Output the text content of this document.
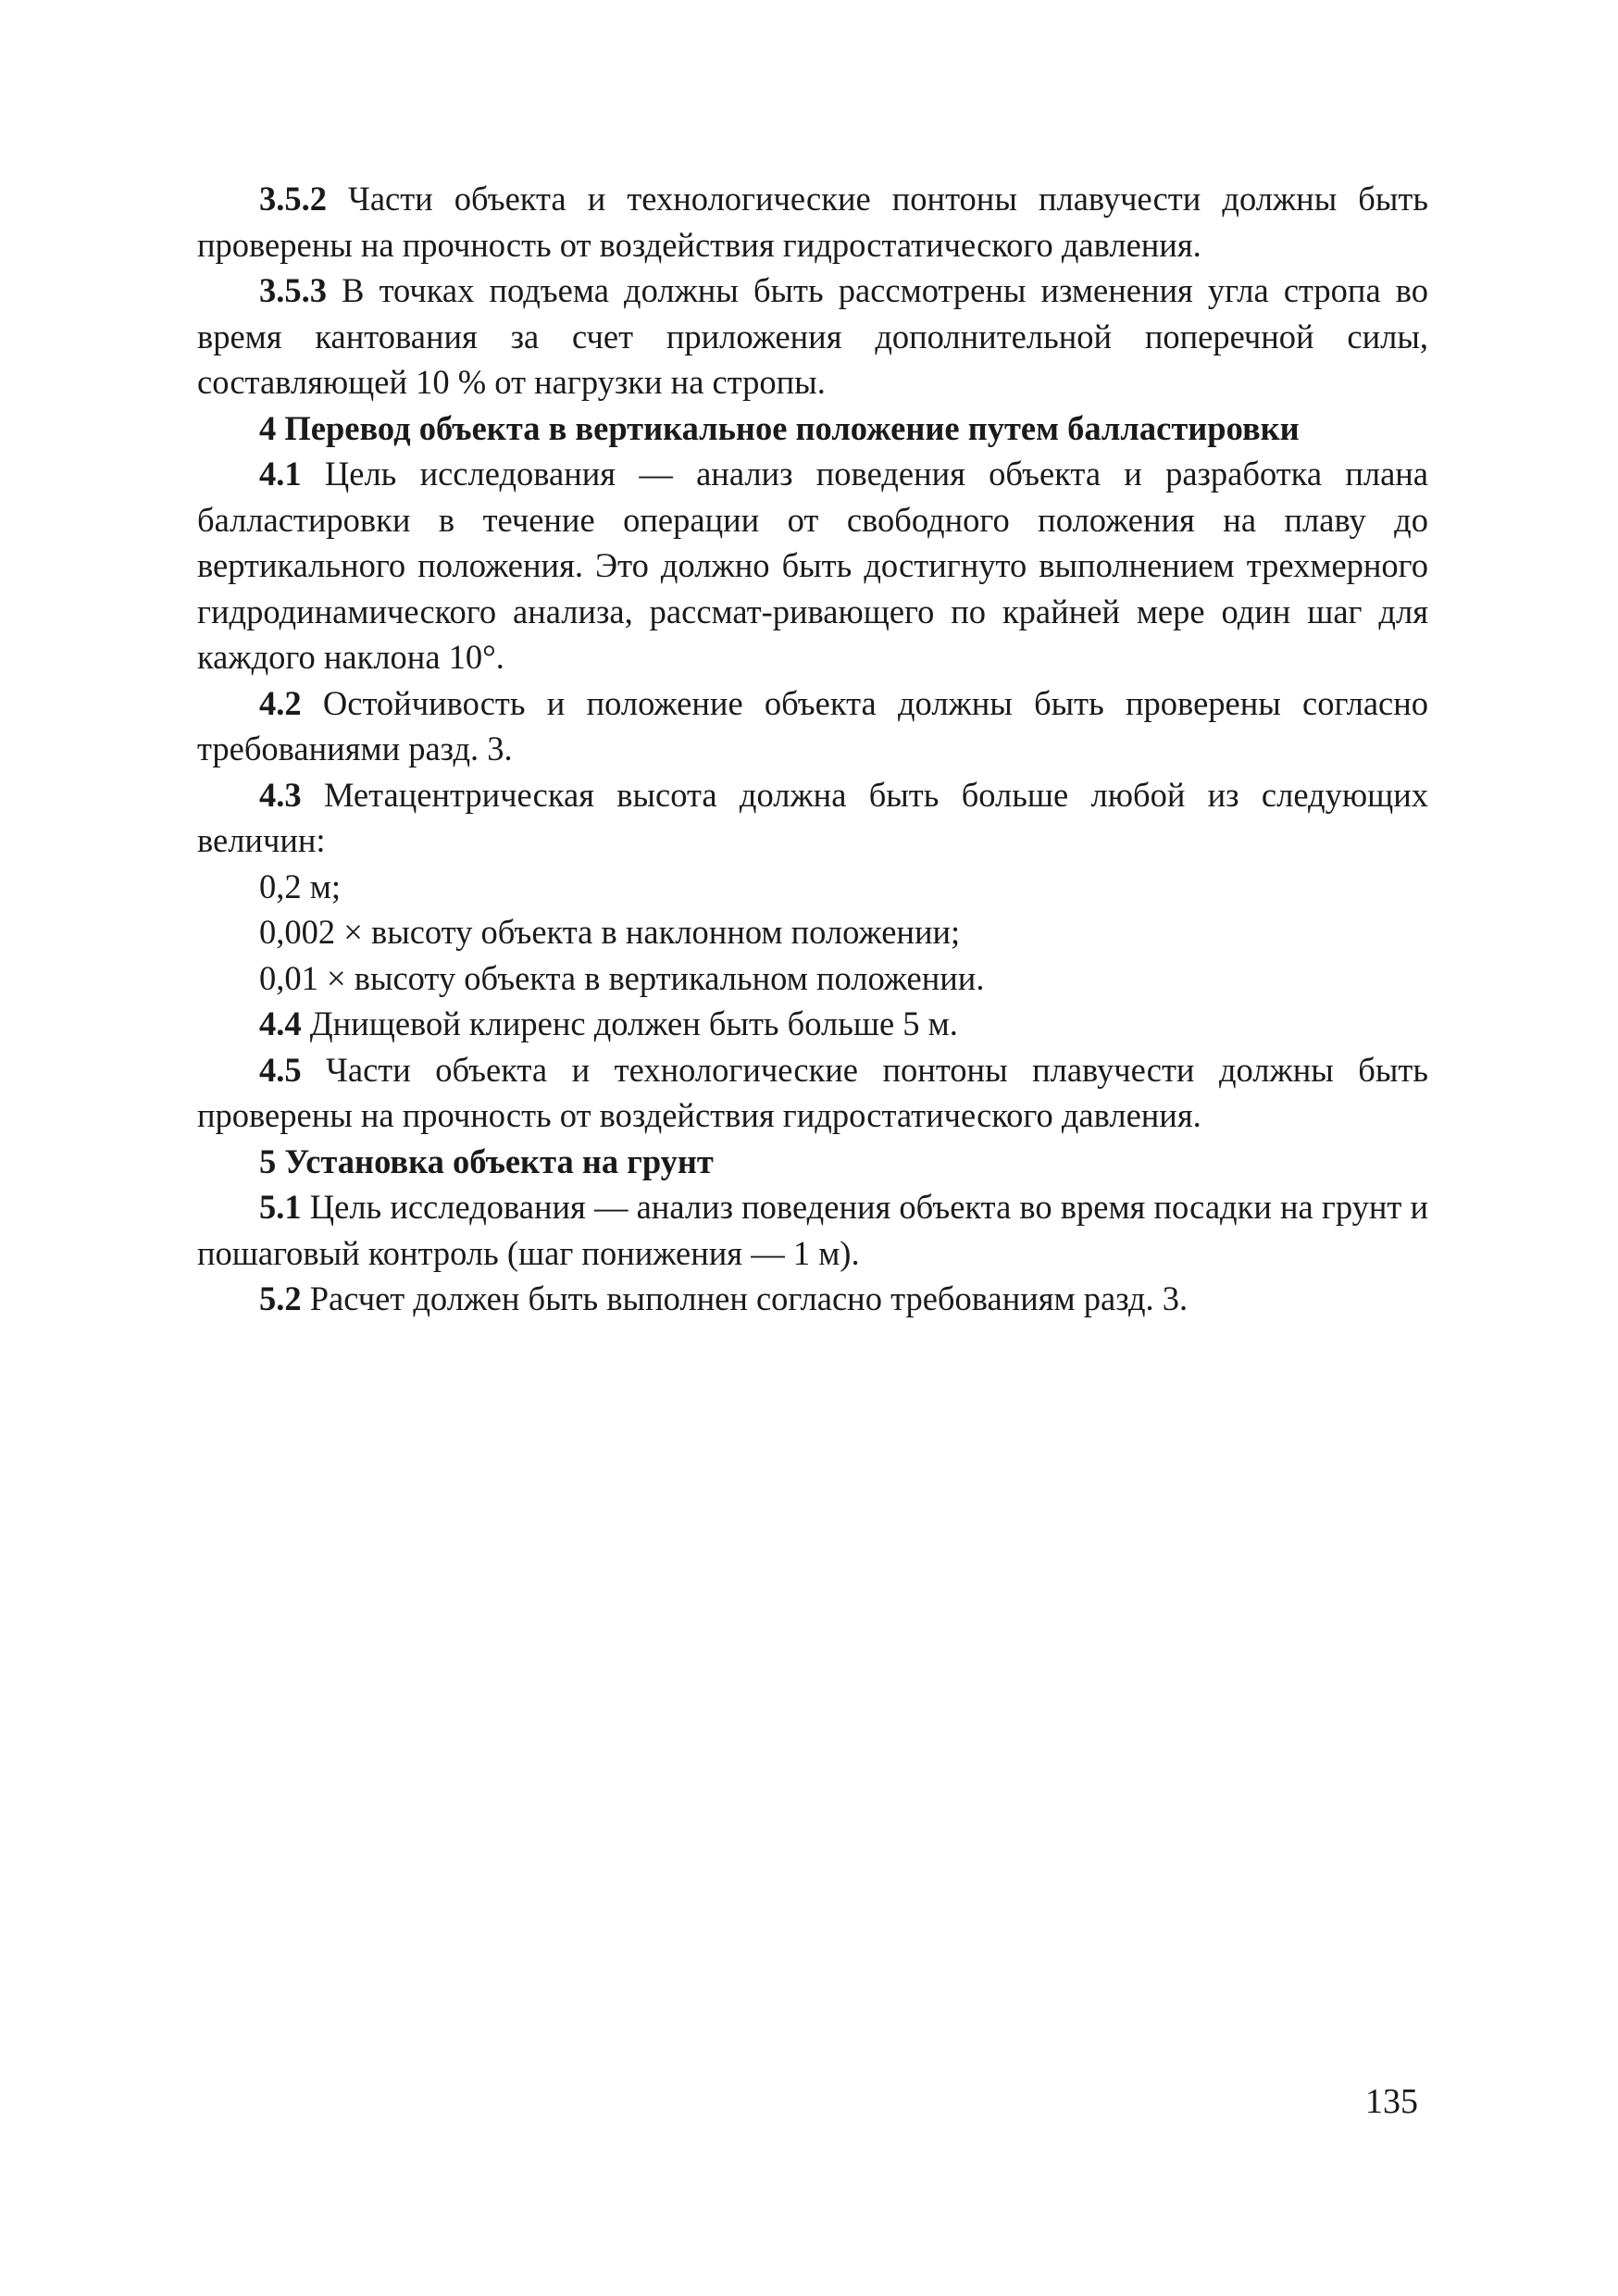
3.5.2 Части объекта и технологические понтоны плавучести должны быть проверены на прочность от воздействия гидростатического давления.

3.5.3 В точках подъема должны быть рассмотрены изменения угла стропа во время кантования за счет приложения дополнительной поперечной силы, составляющей 10 % от нагрузки на стропы.

4 Перевод объекта в вертикальное положение путем балластировки

4.1 Цель исследования — анализ поведения объекта и разработка плана балластировки в течение операции от свободного положения на плаву до вертикального положения. Это должно быть достигнуто выполнением трехмерного гидродинамического анализа, рассмат-ривающего по крайней мере один шаг для каждого наклона 10°.

4.2 Остойчивость и положение объекта должны быть проверены согласно требованиями разд. 3.

4.3 Метацентрическая высота должна быть больше любой из следующих величин:

0,2 м;

0,002 × высоту объекта в наклонном положении;

0,01 × высоту объекта в вертикальном положении.

4.4 Днищевой клиренс должен быть больше 5 м.

4.5 Части объекта и технологические понтоны плавучести должны быть проверены на прочность от воздействия гидростатического давления.

5 Установка объекта на грунт

5.1 Цель исследования — анализ поведения объекта во время посадки на грунт и пошаговый контроль (шаг понижения — 1 м).

5.2 Расчет должен быть выполнен согласно требованиям разд. 3.

135
